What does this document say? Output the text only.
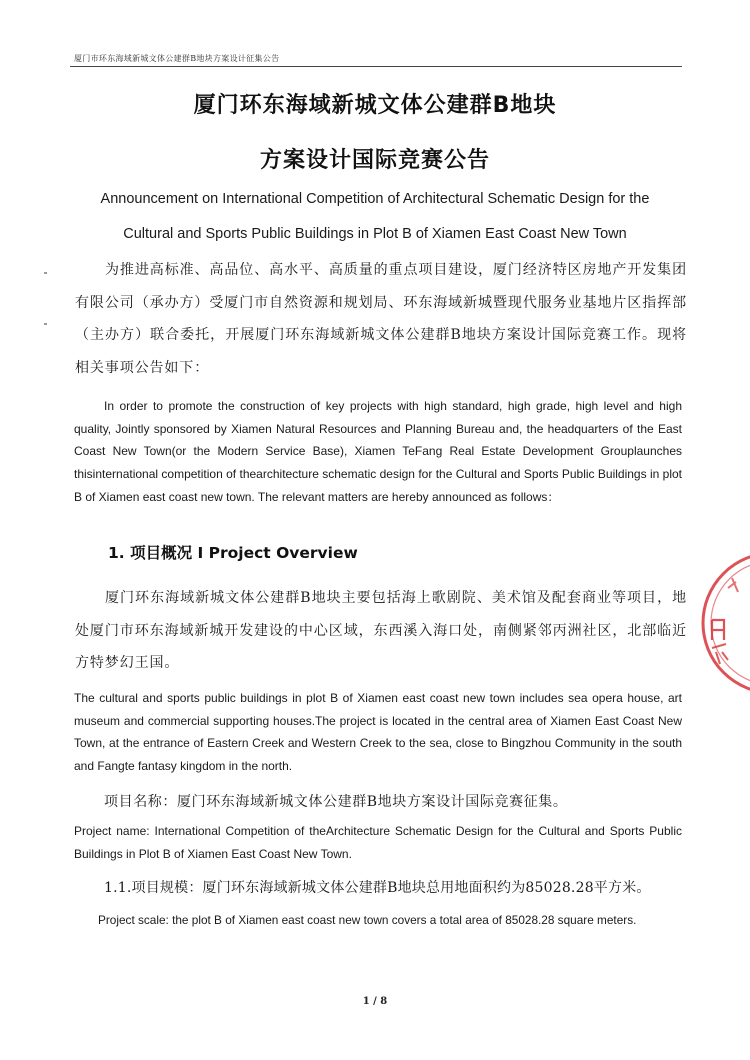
厦门市环东海域新城文体公建群B地块方案设计征集公告
厦门环东海域新城文体公建群B地块
方案设计国际竞赛公告
Announcement on International Competition of Architectural Schematic Design for the
Cultural and Sports Public Buildings in Plot B of Xiamen East Coast New Town

为推进高标准、高品位、高水平、高质量的重点项目建设，厦门经济特区房地产开发集团有限公司（承办方）受厦门市自然资源和规划局、环东海域新城暨现代服务业基地片区指挥部（主办方）联合委托，开展厦门环东海域新城文体公建群B地块方案设计国际竞赛工作。现将相关事项公告如下：

In order to promote the construction of key projects with high standard, high grade, high level and high quality, Jointly sponsored by Xiamen Natural Resources and Planning Bureau and, the headquarters of the East Coast New Town(or the Modern Service Base), Xiamen TeFang Real Estate Development Grouplaunches thisinternational competition of thearchitecture schematic design for the Cultural and Sports Public Buildings in plot B of Xiamen east coast new town. The relevant matters are hereby announced as follows：

1. 项目概况 I Project Overview

厦门环东海域新城文体公建群B地块主要包括海上歌剧院、美术馆及配套商业等项目，地处厦门市环东海域新城开发建设的中心区域，东西溪入海口处，南侧紧邻丙洲社区，北部临近方特梦幻王国。

The cultural and sports public buildings in plot B of Xiamen east coast new town includes sea opera house, art museum and commercial supporting houses.The project is located in the central area of Xiamen East Coast New Town, at the entrance of Eastern Creek and Western Creek to the sea, close to Bingzhou Community in the south and Fangte fantasy kingdom in the north.

项目名称：厦门环东海域新城文体公建群B地块方案设计国际竞赛征集。

Project name: International Competition of theArchitecture Schematic Design for the Cultural and Sports Public Buildings in Plot B of Xiamen East Coast New Town.

1.1.项目规模：厦门环东海域新城文体公建群B地块总用地面积约为85028.28平方米。

Project scale: the plot B of Xiamen east coast new town covers a total area of 85028.28 square meters.

1 / 8
